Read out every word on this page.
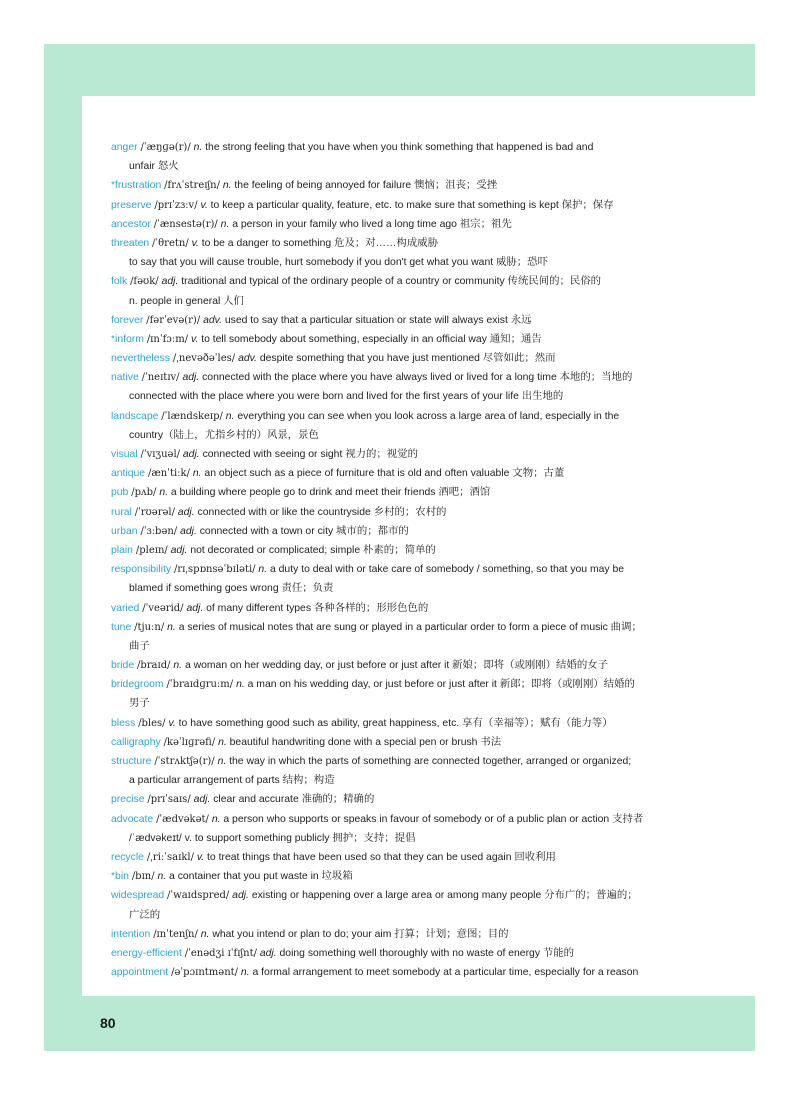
anger /ˈæŋɡə(r)/ n. the strong feeling that you have when you think something that happened is bad and
unfair 怒火
*frustration /frʌˈstreɪʃn/ n. the feeling of being annoyed for failure 懊恼；沮丧；受挫
preserve /prɪˈzɜːv/ v. to keep a particular quality, feature, etc. to make sure that something is kept 保护；保存
ancestor /ˈænsestə(r)/ n. a person in your family who lived a long time ago 祖宗；祖先
threaten /ˈθretn/ v. to be a danger to something 危及；对……构成威胁
to say that you will cause trouble, hurt somebody if you don't get what you want 威胁；恐吓
folk /fəʊk/ adj. traditional and typical of the ordinary people of a country or community 传统民间的；民俗的
n. people in general 人们
forever /fərˈevə(r)/ adv. used to say that a particular situation or state will always exist 永远
*inform /ɪnˈfɔːm/ v. to tell somebody about something, especially in an official way 通知；通告
nevertheless /ˌnevəðəˈles/ adv. despite something that you have just mentioned 尽管如此；然而
native /ˈneɪtɪv/ adj. connected with the place where you have always lived or lived for a long time 本地的；当地的
connected with the place where you were born and lived for the first years of your life 出生地的
landscape /ˈlændskeɪp/ n. everything you can see when you look across a large area of land, especially in the
country（陆上，尤指乡村的）风景，景色
visual /ˈvɪʒuəl/ adj. connected with seeing or sight 视力的；视觉的
antique /ænˈtiːk/ n. an object such as a piece of furniture that is old and often valuable 文物；古董
pub /pʌb/ n. a building where people go to drink and meet their friends 酒吧；酒馆
rural /ˈrʊərəl/ adj. connected with or like the countryside 乡村的；农村的
urban /ˈɜːbən/ adj. connected with a town or city 城市的；都市的
plain /pleɪn/ adj. not decorated or complicated; simple 朴素的；简单的
responsibility /rɪˌspɒnsəˈbɪləti/ n. a duty to deal with or take care of somebody / something, so that you may be
blamed if something goes wrong 责任；负责
varied /ˈveərid/ adj. of many different types 各种各样的；形形色色的
tune /tjuːn/ n. a series of musical notes that are sung or played in a particular order to form a piece of music 曲调；
曲子
bride /braɪd/ n. a woman on her wedding day, or just before or just after it 新娘；即将（或刚刚）结婚的女子
bridegroom /ˈbraɪdɡruːm/ n. a man on his wedding day, or just before or just after it 新郎；即将（或刚刚）结婚的
男子
bless /bles/ v. to have something good such as ability, great happiness, etc. 享有（幸福等）；赋有（能力等）
calligraphy /kəˈlɪɡrəfi/ n. beautiful handwriting done with a special pen or brush 书法
structure /ˈstrʌktʃə(r)/ n. the way in which the parts of something are connected together, arranged or organized;
a particular arrangement of parts 结构；构造
precise /prɪˈsaɪs/ adj. clear and accurate 准确的；精确的
advocate /ˈædvəkət/ n. a person who supports or speaks in favour of somebody or of a public plan or action 支持者
/ˈædvəkeɪt/ v. to support something publicly 拥护；支持；提倡
recycle /ˌriːˈsaɪkl/ v. to treat things that have been used so that they can be used again 回收利用
*bin /bɪn/ n. a container that you put waste in 垃圾箱
widespread /ˈwaɪdspred/ adj. existing or happening over a large area or among many people 分布广的；普遍的；
广泛的
intention /ɪnˈtenʃn/ n. what you intend or plan to do; your aim 打算；计划；意图；目的
energy-efficient /ˈenədʒi ɪˈfɪʃnt/ adj. doing something well thoroughly with no waste of energy 节能的
appointment /əˈpɔɪntmənt/ n. a formal arrangement to meet somebody at a particular time, especially for a reason
80
